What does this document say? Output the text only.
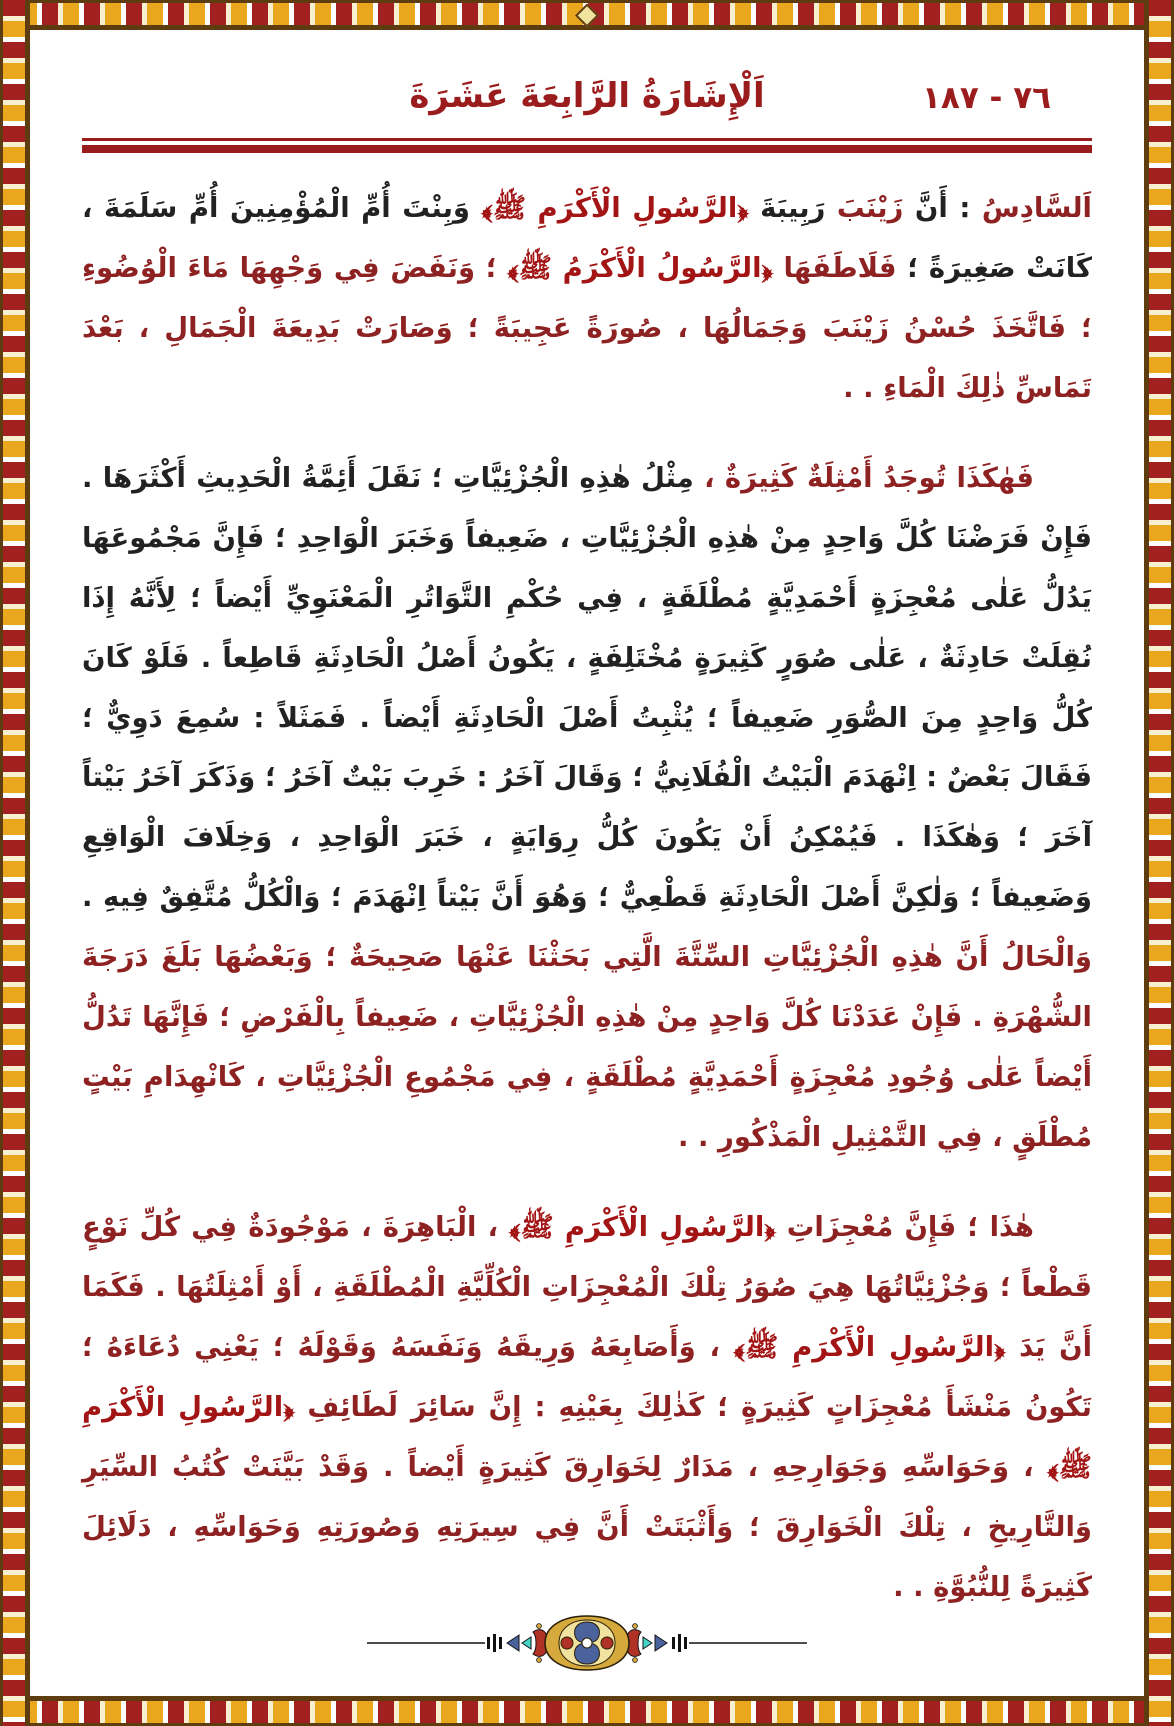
٧٦ - ١٨٧
اَلْإِشَارَةُ الرَّابِعَةَ عَشَرَةَ

اَلسَّادِسُ : أَنَّ زَيْنَبَ رَبِيبَةَ ﴿الرَّسُولِ الْأَكْرَمِ ﷺ﴾ وَبِنْتَ أُمِّ الْمُؤْمِنِينَ أُمِّ سَلَمَةَ ، كَانَتْ صَغِيرَةً ؛ فَلَاطَفَهَا ﴿الرَّسُولُ الْأَكْرَمُ ﷺ﴾ ؛ وَنَفَضَ فِي وَجْهِهَا مَاءَ الْوُضُوءِ ؛ فَاتَّخَذَ حُسْنُ زَيْنَبَ وَجَمَالُهَا ، صُورَةً عَجِيبَةً ؛ وَصَارَتْ بَدِيعَةَ الْجَمَالِ ، بَعْدَ تَمَاسِّ ذٰلِكَ الْمَاءِ . .

فَهٰكَذَا تُوجَدُ أَمْثِلَةٌ كَثِيرَةٌ ، مِثْلُ هٰذِهِ الْجُزْئِيَّاتِ ؛ نَقَلَ أَئِمَّةُ الْحَدِيثِ أَكْثَرَهَا . فَإِنْ فَرَضْنَا كُلَّ وَاحِدٍ مِنْ هٰذِهِ الْجُزْئِيَّاتِ ، ضَعِيفاً وَخَبَرَ الْوَاحِدِ ؛ فَإِنَّ مَجْمُوعَهَا يَدُلُّ عَلٰى مُعْجِزَةٍ أَحْمَدِيَّةٍ مُطْلَقَةٍ ، فِي حُكْمِ التَّوَاتُرِ الْمَعْنَوِيِّ أَيْضاً ؛ لِأَنَّهُ إِذَا نُقِلَتْ حَادِثَةٌ ، عَلٰى صُوَرٍ كَثِيرَةٍ مُخْتَلِفَةٍ ، يَكُونُ أَصْلُ الْحَادِثَةِ قَاطِعاً . فَلَوْ كَانَ كُلُّ وَاحِدٍ مِنَ الصُّوَرِ ضَعِيفاً ؛ يُثْبِتُ أَصْلَ الْحَادِثَةِ أَيْضاً . فَمَثَلاً : سُمِعَ دَوِيٌّ ؛ فَقَالَ بَعْضٌ : اِنْهَدَمَ الْبَيْتُ الْفُلَانِيُّ ؛ وَقَالَ آخَرُ : خَرِبَ بَيْتٌ آخَرُ ؛ وَذَكَرَ آخَرُ بَيْتاً آخَرَ ؛ وَهٰكَذَا . فَيُمْكِنُ أَنْ يَكُونَ كُلُّ رِوَايَةٍ ، خَبَرَ الْوَاحِدِ ، وَخِلَافَ الْوَاقِعِ وَضَعِيفاً ؛ وَلٰكِنَّ أَصْلَ الْحَادِثَةِ قَطْعِيٌّ ؛ وَهُوَ أَنَّ بَيْتاً اِنْهَدَمَ ؛ وَالْكُلُّ مُتَّفِقٌ فِيهِ . وَالْحَالُ أَنَّ هٰذِهِ الْجُزْئِيَّاتِ السِّتَّةَ الَّتِي بَحَثْنَا عَنْهَا صَحِيحَةٌ ؛ وَبَعْضُهَا بَلَغَ دَرَجَةَ الشُّهْرَةِ . فَإِنْ عَدَدْنَا كُلَّ وَاحِدٍ مِنْ هٰذِهِ الْجُزْئِيَّاتِ ، ضَعِيفاً بِالْفَرْضِ ؛ فَإِنَّهَا تَدُلُّ أَيْضاً عَلٰى وُجُودِ مُعْجِزَةٍ أَحْمَدِيَّةٍ مُطْلَقَةٍ ، فِي مَجْمُوعِ الْجُزْئِيَّاتِ ، كَانْهِدَامِ بَيْتٍ مُطْلَقٍ ، فِي التَّمْثِيلِ الْمَذْكُورِ . .

هٰذَا ؛ فَإِنَّ مُعْجِزَاتِ ﴿الرَّسُولِ الْأَكْرَمِ ﷺ﴾ ، الْبَاهِرَةَ ، مَوْجُودَةٌ فِي كُلِّ نَوْعٍ قَطْعاً ؛ وَجُزْئِيَّاتُهَا هِيَ صُوَرُ تِلْكَ الْمُعْجِزَاتِ الْكُلِّيَّةِ الْمُطْلَقَةِ ، أَوْ أَمْثِلَتُهَا . فَكَمَا أَنَّ يَدَ ﴿الرَّسُولِ الْأَكْرَمِ ﷺ﴾ ، وَأَصَابِعَهُ وَرِيقَهُ وَنَفَسَهُ وَقَوْلَهُ ؛ يَعْنِي دُعَاءَهُ ؛ تَكُونُ مَنْشَأَ مُعْجِزَاتٍ كَثِيرَةٍ ؛ كَذٰلِكَ بِعَيْنِهِ : إِنَّ سَائِرَ لَطَائِفِ ﴿الرَّسُولِ الْأَكْرَمِ ﷺ﴾ ، وَحَوَاسِّهِ وَجَوَارِحِهِ ، مَدَارٌ لِخَوَارِقَ كَثِيرَةٍ أَيْضاً . وَقَدْ بَيَّنَتْ كُتُبُ السِّيَرِ وَالتَّارِيخِ ، تِلْكَ الْخَوَارِقَ ؛ وَأَثْبَتَتْ أَنَّ فِي سِيرَتِهِ وَصُورَتِهِ وَحَوَاسِّهِ ، دَلَائِلَ كَثِيرَةً لِلنُّبُوَّةِ . .
